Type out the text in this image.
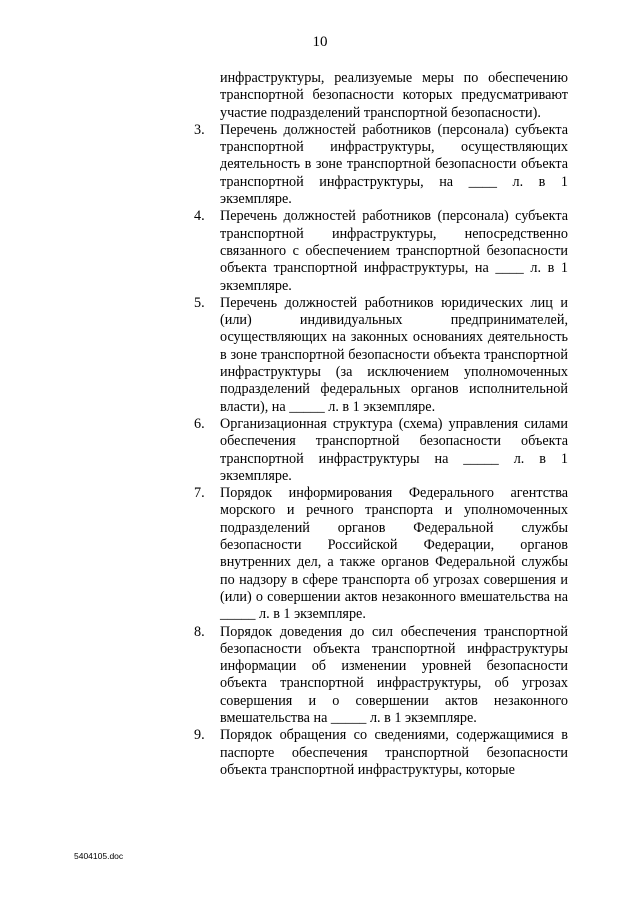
10
инфраструктуры, реализуемые меры по обеспечению транспортной безопасности которых предусматривают участие подразделений транспортной безопасности).
3.	Перечень должностей работников (персонала) субъекта транспортной инфраструктуры, осуществляющих деятельность в зоне транспортной безопасности объекта транспортной инфраструктуры, на ____ л. в 1 экземпляре.
4.	Перечень должностей работников (персонала) субъекта транспортной инфраструктуры, непосредственно связанного с обеспечением транспортной безопасности объекта транспортной инфраструктуры, на ____ л. в 1 экземпляре.
5.	Перечень должностей работников юридических лиц и (или) индивидуальных предпринимателей, осуществляющих на законных основаниях деятельность в зоне транспортной безопасности объекта транспортной инфраструктуры (за исключением уполномоченных подразделений федеральных органов исполнительной власти), на _____ л. в 1 экземпляре.
6.	Организационная структура (схема) управления силами обеспечения транспортной безопасности объекта транспортной инфраструктуры на _____ л. в 1 экземпляре.
7.	Порядок информирования Федерального агентства морского и речного транспорта и уполномоченных подразделений органов Федеральной службы безопасности Российской Федерации, органов внутренних дел, а также органов Федеральной службы по надзору в сфере транспорта об угрозах совершения и (или) о совершении актов незаконного вмешательства на _____ л. в 1 экземпляре.
8.	Порядок доведения до сил обеспечения транспортной безопасности объекта транспортной инфраструктуры информации об изменении уровней безопасности объекта транспортной инфраструктуры, об угрозах совершения и о совершении актов незаконного вмешательства на _____ л. в 1 экземпляре.
9.	Порядок обращения со сведениями, содержащимися в паспорте обеспечения транспортной безопасности объекта транспортной инфраструктуры, которые
5404105.doc
